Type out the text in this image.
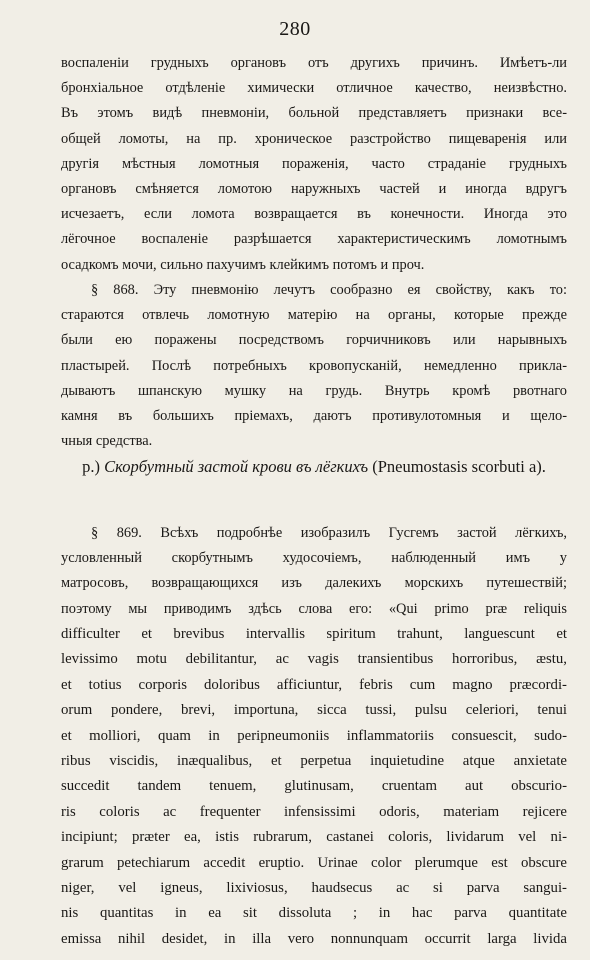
280
воспаленiи грудныхъ органовъ отъ другихъ причинъ. Имѣетъ-ли
бронхiальное отдѣленiе химически отличное качество, неизвѣстно.
Въ этомъ видѣ пневмонiи, больной представляетъ признаки все-
общей ломоты, на пр. хроническое разстройство пищеваренiя или
другiя мѣстныя ломотныя пораженiя, часто страданiе грудныхъ
органовъ смѣняется ломотою наружныхъ частей и иногда вдругъ
исчезаетъ, если ломота возвращается въ конечности. Иногда это
лёгочное воспаленiе разрѣшается характеристическимъ ломотнымъ
осадкомъ мочи, сильно пахучимъ клейкимъ потомъ и проч.
§ 868. Эту пневмонiю лечутъ сообразно ея свойству, какъ то:
стараются отвлечь ломотную матерiю на органы, которые прежде
были ею поражены посредствомъ горчичниковъ или нарывныхъ
пластырей. Послѣ потребныхъ кровопусканiй, немедленно прикла-
дываютъ шпанскую мушку на грудь. Внутрь кромѣ рвотнаго
камня въ большихъ прiемахъ, даютъ противулотомныя и щело-
чныя средства.
р.) Скорбутный застой крови въ лёгкихъ (Pneumostasis scorbuti a).
§ 869. Всѣхъ подробнѣе изобразилъ Гусгемъ застой лёгкихъ,
условленный скорбутнымъ худосочiемъ, наблюденный имъ у
матросовъ, возвращающихся изъ далекихъ морскихъ путешествiй;
поэтому мы приводимъ здѣсь слова его: «Qui primo præ reliquis
difficulter et brevibus intervallis spiritum trahunt, languescunt et
levissimo motu debilitantur, ac vagis transientibus horroribus, æstu,
et totius corporis doloribus afficiuntur, febris cum magno præcordi-
orum pondere, brevi, importuna, sicca tussi, pulsu celeriori, tenui
et molliori, quam in peripneumoniis inflammatoriis consuescit, sudo-
ribus viscidis, inæqualibus, et perpetua inquietudine atque anxietate
succedit tandem tenuem, glutinusam, cruentam aut obscurio-
ris coloris ac frequenter infensissimi odoris, materiam rejicere
incipiunt; præter ea, istis rubrarum, castanei coloris, lividarum vel ni-
grarum petechiarum accedit eruptio. Urinae color plerumque est obscure
niger, vel igneus, lixiviosus, haudsecus ac si parva sangui-
nis quantitas in ea sit dissoluta ; in hac parva quantitate
emissa nihil desidet, in illa vero nonnunquam occurrit larga livida
